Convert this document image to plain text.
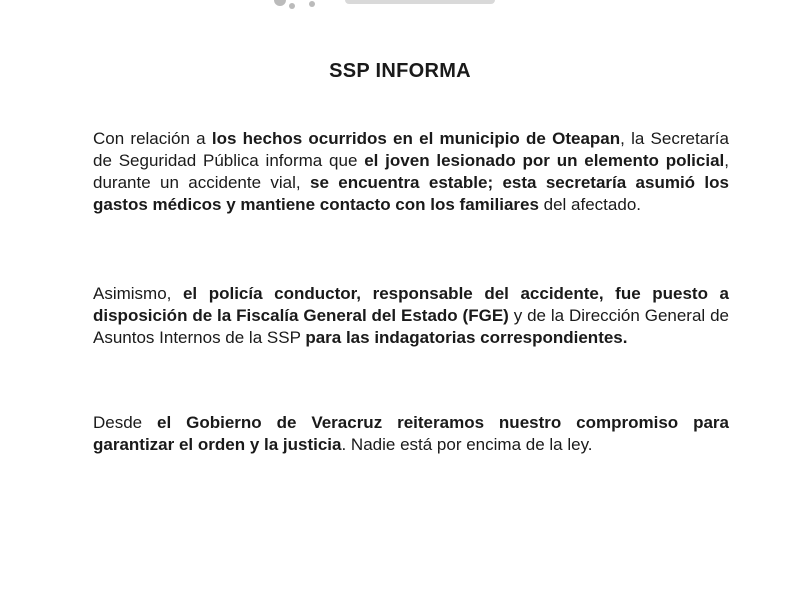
SSP INFORMA

Con relación a los hechos ocurridos en el municipio de Oteapan, la Secretaría de Seguridad Pública informa que el joven lesionado por un elemento policial, durante un accidente vial, se encuentra estable; esta secretaría asumió los gastos médicos y mantiene contacto con los familiares del afectado.

Asimismo, el policía conductor, responsable del accidente, fue puesto a disposición de la Fiscalía General del Estado (FGE) y de la Dirección General de Asuntos Internos de la SSP para las indagatorias correspondientes.

Desde el Gobierno de Veracruz reiteramos nuestro compromiso para garantizar el orden y la justicia. Nadie está por encima de la ley.
